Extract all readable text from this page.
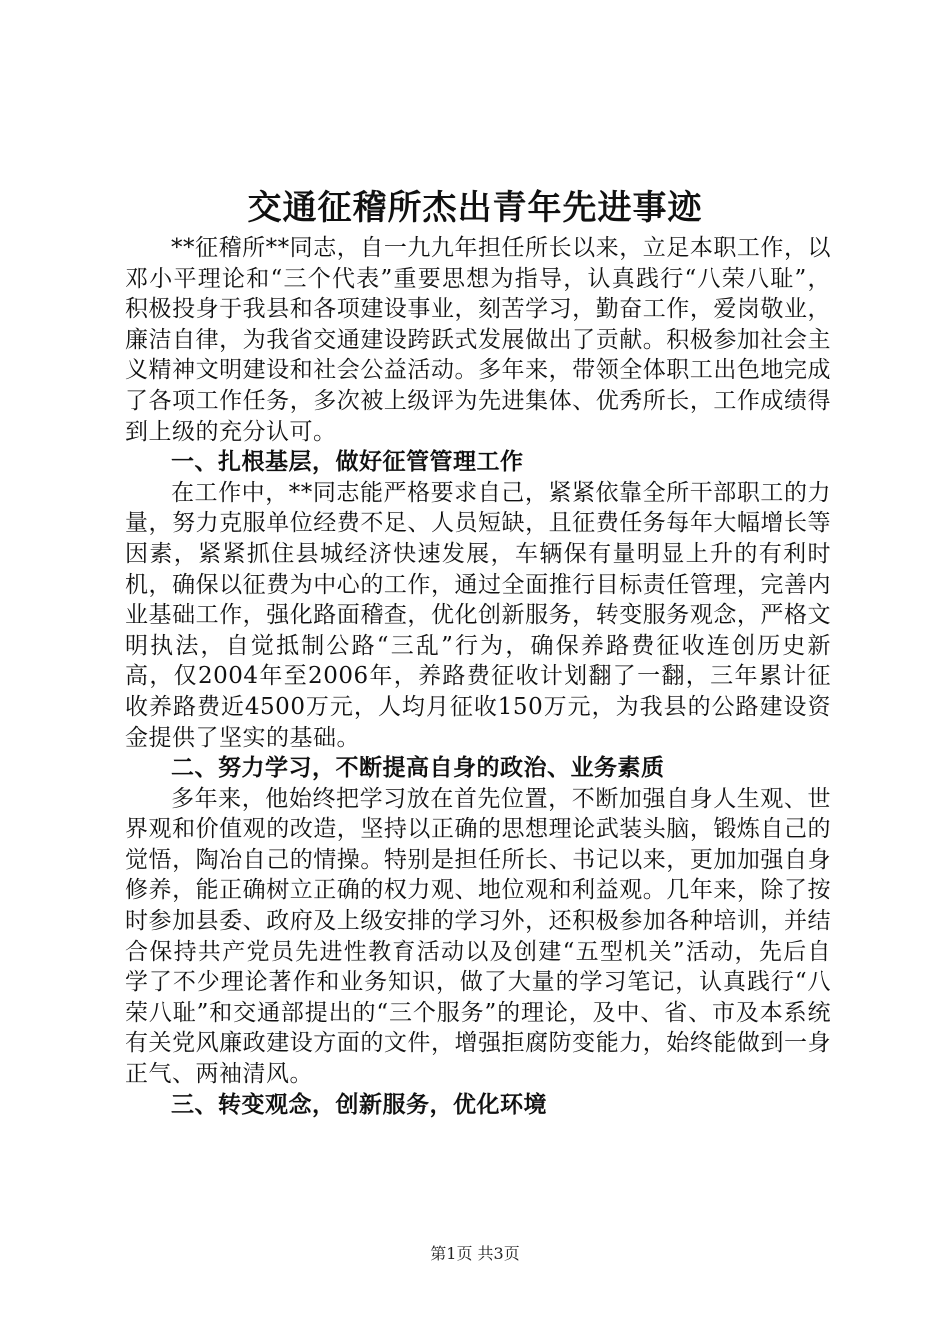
交通征稽所杰出青年先进事迹

**征稽所**同志，自一九九年担任所长以来，立足本职工作，以邓小平理论和“三个代表”重要思想为指导，认真践行“八荣八耻”，积极投身于我县和各项建设事业，刻苦学习，勤奋工作，爱岗敬业，廉洁自律，为我省交通建设跨跃式发展做出了贡献。积极参加社会主义精神文明建设和社会公益活动。多年来，带领全体职工出色地完成了各项工作任务，多次被上级评为先进集体、优秀所长，工作成绩得到上级的充分认可。

一、扎根基层，做好征管管理工作

在工作中，**同志能严格要求自己，紧紧依靠全所干部职工的力量，努力克服单位经费不足、人员短缺，且征费任务每年大幅增长等因素，紧紧抓住县城经济快速发展，车辆保有量明显上升的有利时机，确保以征费为中心的工作，通过全面推行目标责任管理，完善内业基础工作，强化路面稽查，优化创新服务，转变服务观念，严格文明执法，自觉抵制公路“三乱”行为，确保养路费征收连创历史新高，仅2004年至2006年，养路费征收计划翻了一翻，三年累计征收养路费近4500万元，人均月征收150万元，为我县的公路建设资金提供了坚实的基础。

二、努力学习，不断提高自身的政治、业务素质

多年来，他始终把学习放在首先位置，不断加强自身人生观、世界观和价值观的改造，坚持以正确的思想理论武装头脑，锻炼自己的觉悟，陶冶自己的情操。特别是担任所长、书记以来，更加加强自身修养，能正确树立正确的权力观、地位观和利益观。几年来，除了按时参加县委、政府及上级安排的学习外，还积极参加各种培训，并结合保持共产党员先进性教育活动以及创建“五型机关”活动，先后自学了不少理论著作和业务知识，做了大量的学习笔记，认真践行“八荣八耻”和交通部提出的“三个服务”的理论，及中、省、市及本系统有关党风廉政建设方面的文件，增强拒腐防变能力，始终能做到一身正气、两袖清风。

三、转变观念，创新服务，优化环境

第1页 共3页
